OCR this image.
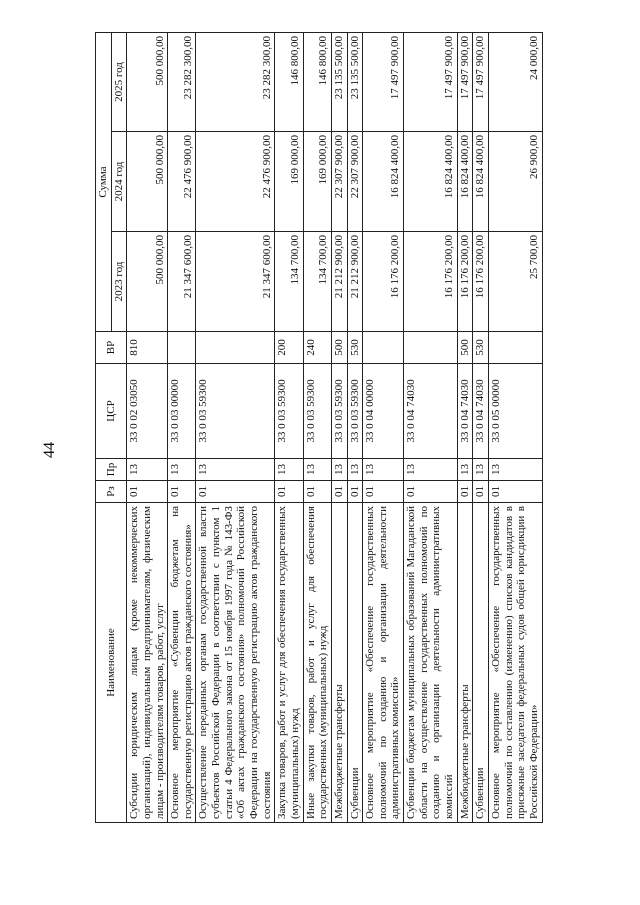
44
Наименование	Рз	Пр	ЦСР	ВР	Сумма		
					2023 год	2024 год	2025 год
Субсидии юридическим лицам (кроме некоммерческих организаций), индивидуальным предпринимателям, физическим лицам - производителям товаров, работ, услуг	01	13	33 0 02 03050	810	500 000,00	500 000,00	500 000,00
Основное мероприятие «Субвенции бюджетам на государственную регистрацию актов гражданского состояния»	01	13	33 0 03 00000		21 347 600,00	22 476 900,00	23 282 300,00
Осуществление переданных органам государственной власти субъектов Российской Федерации в соответствии с пунктом 1 статьи 4 Федерального закона от 15 ноября 1997 года № 143-ФЗ «Об актах гражданского состояния» полномочий Российской Федерации на государственную регистрацию актов гражданского состояния	01	13	33 0 03 59300		21 347 600,00	22 476 900,00	23 282 300,00
Закупка товаров, работ и услуг для обеспечения государственных (муниципальных) нужд	01	13	33 0 03 59300	200	134 700,00	169 000,00	146 800,00
Иные закупки товаров, работ и услуг для обеспечения государственных (муниципальных) нужд	01	13	33 0 03 59300	240	134 700,00	169 000,00	146 800,00
Межбюджетные трансферты	01	13	33 0 03 59300	500	21 212 900,00	22 307 900,00	23 135 500,00
Субвенции	01	13	33 0 03 59300	530	21 212 900,00	22 307 900,00	23 135 500,00
Основное мероприятие «Обеспечение государственных полномочий по созданию и организации деятельности административных комиссий»	01	13	33 0 04 00000		16 176 200,00	16 824 400,00	17 497 900,00
Субвенции бюджетам муниципальных образований Магаданской области на осуществление государственных полномочий по созданию и организации деятельности административных комиссий	01	13	33 0 04 74030		16 176 200,00	16 824 400,00	17 497 900,00
Межбюджетные трансферты	01	13	33 0 04 74030	500	16 176 200,00	16 824 400,00	17 497 900,00
Субвенции	01	13	33 0 04 74030	530	16 176 200,00	16 824 400,00	17 497 900,00
Основное мероприятие «Обеспечение государственных полномочий по составлению (изменению) списков кандидатов в присяжные заседатели федеральных судов общей юрисдикции в Российской Федерации»	01	13	33 0 05 00000		25 700,00	26 900,00	24 000,00
